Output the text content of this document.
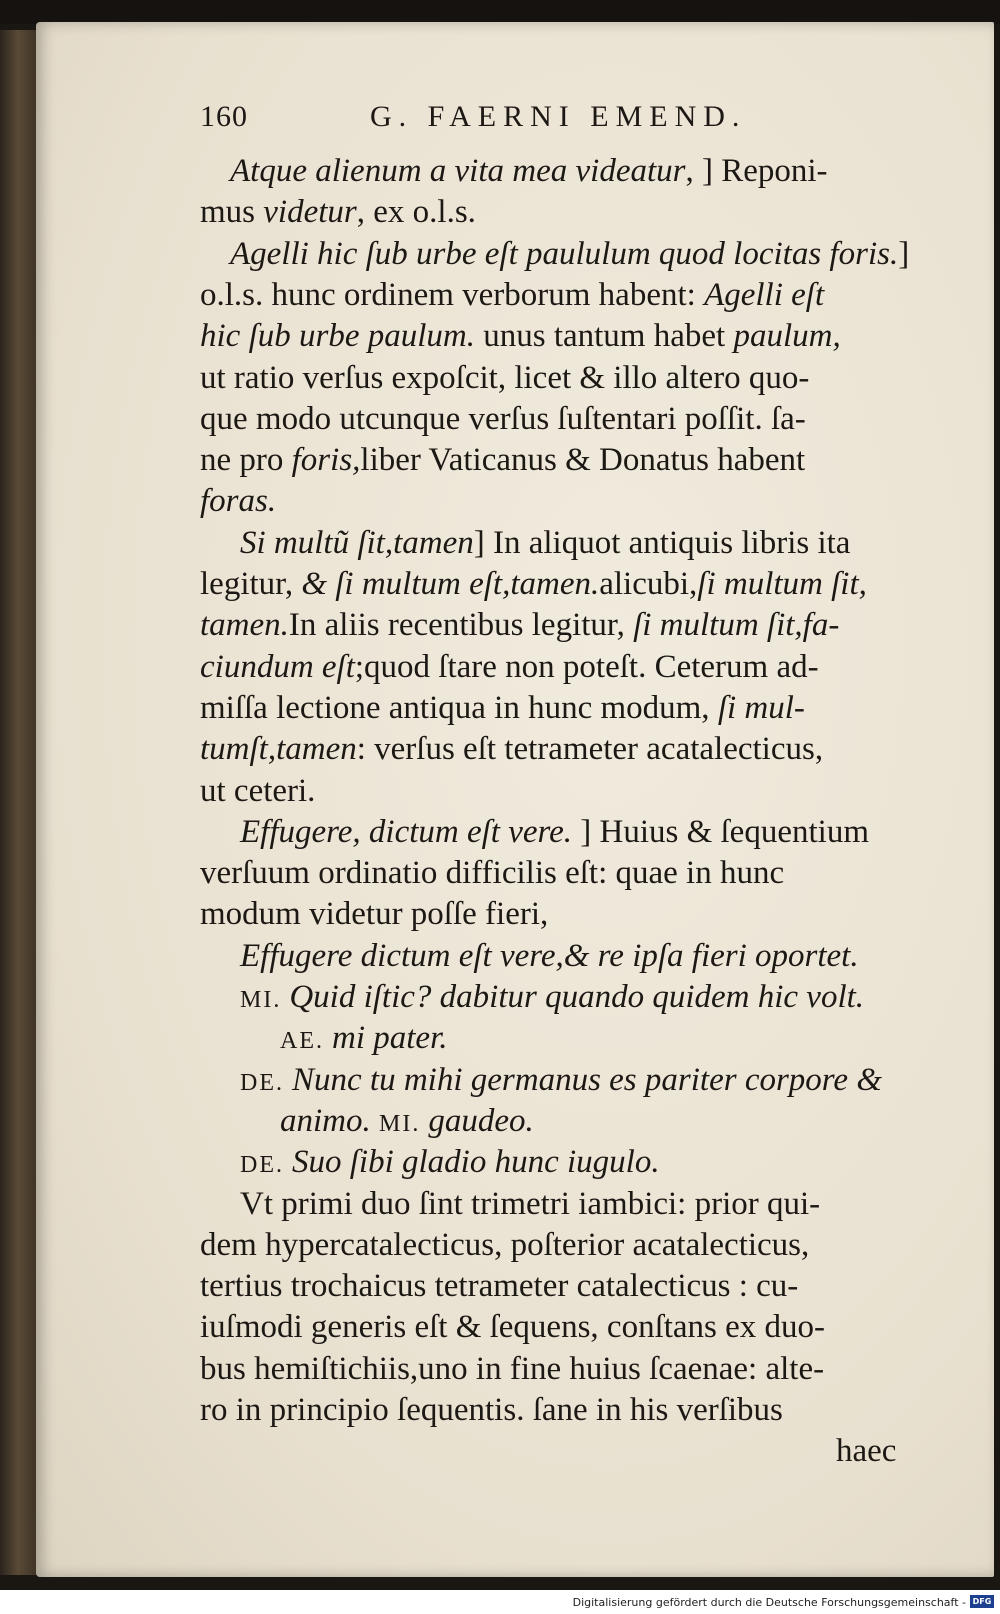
160	G. FAERNI EMEND.
Atque alienum a vita mea videatur, ] Reponi-
mus videtur, ex o.l.s.
Agelli hic ſub urbe eſt paululum quod locitas foris.]
o.l.s. hunc ordinem verborum habent: Agelli eſt
hic ſub urbe paulum. unus tantum habet paulum,
ut ratio verſus expoſcit, licet & illo altero quo-
que modo utcunque verſus ſuſtentari poſſit. ſa-
ne pro foris,liber Vaticanus & Donatus habent
foras.
Si multũ ſit,tamen] In aliquot antiquis libris ita
legitur, & ſi multum eſt,tamen.alicubi,ſi multum ſit,
tamen.In aliis recentibus legitur, ſi multum ſit,fa-
ciundum eſt;quod ſtare non poteſt. Ceterum ad-
miſſa lectione antiqua in hunc modum, ſi mul-
tumſt,tamen: verſus eſt tetrameter acatalecticus,
ut ceteri.
Effugere, dictum eſt vere. ] Huius & ſequentium
verſuum ordinatio difficilis eſt: quae in hunc
modum videtur poſſe fieri,
Effugere dictum eſt vere,& re ipſa fieri oportet.
MI. Quid iſtic? dabitur quando quidem hic volt.
AE. mi pater.
DE. Nunc tu mihi germanus es pariter corpore &
animo. MI. gaudeo.
DE. Suo ſibi gladio hunc iugulo.
Vt primi duo ſint trimetri iambici: prior qui-
dem hypercatalecticus, poſterior acatalecticus,
tertius trochaicus tetrameter catalecticus : cu-
iuſmodi generis eſt & ſequens, conſtans ex duo-
bus hemiſtichiis,uno in fine huius ſcaenae: alte-
ro in principio ſequentis. ſane in his verſibus
haec
Digitalisierung gefördert durch die Deutsche Forschungsgemeinschaft - DFG
